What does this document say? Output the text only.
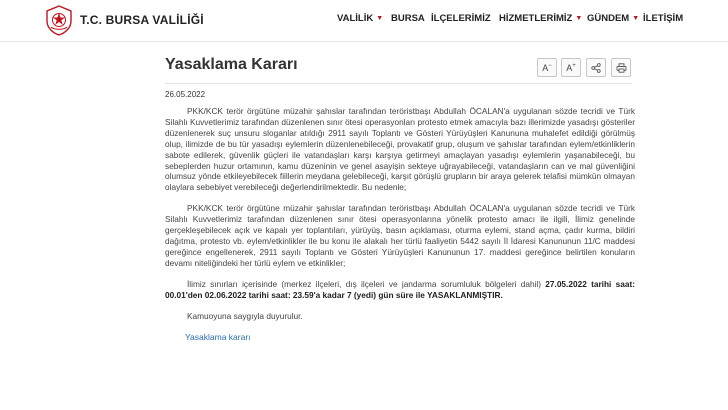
T.C. BURSA VALİLİĞİ	VALİLİK ▼ BURSA İLÇELERİMİZ HİZMETLERİMİZ ▼ GÜNDEM ▼ İLETİŞİM
Yasaklama Kararı	A− A+
26.05.2022

PKK/KCK terör örgütüne müzahir şahıslar tarafından teröristbaşı Abdullah ÖCALAN'a uygulanan sözde tecridi ve Türk Silahlı Kuvvetlerimiz tarafından düzenlenen sınır ötesi operasyonları protesto etmek amacıyla bazı illerimizde yasadışı gösteriler düzenlenerek suç unsuru sloganlar atıldığı 2911 sayılı Toplantı ve Gösteri Yürüyüşleri Kanununa muhalefet edildiği görülmüş olup, ilimizde de bu tür yasadışı eylemlerin düzenlenebileceği, provakatif grup, oluşum ve şahıslar tarafından eylem/etkinliklerin sabote edilerek, güvenlik güçleri ile vatandaşları karşı karşıya getirmeyi amaçlayan yasadışı eylemlerin yaşanabileceği, bu sebeplerden huzur ortamının, kamu düzeninin ve genel asayişin sekteye uğrayabileceği, vatandaşların can ve mal güvenliğini olumsuz yönde etkileyebilecek fiillerin meydana gelebileceği, karşıt görüşlü grupların bir araya gelerek telafisi mümkün olmayan olaylara sebebiyet verebileceği değerlendirilmektedir. Bu nedenle;

PKK/KCK terör örgütüne müzahir şahıslar tarafından teröristbaşı Abdullah ÖCALAN'a uygulanan sözde tecridi ve Türk Silahlı Kuvvetlerimiz tarafından düzenlenen sınır ötesi operasyonlarına yönelik protesto amacı ile ilgili, İlimiz genelinde gerçekleşebilecek açık ve kapalı yer toplantıları, yürüyüş, basın açıklaması, oturma eylemi, stand açma, çadır kurma, bildiri dağıtma, protesto vb. eylem/etkinlikler ile bu konu ile alakalı her türlü faaliyetin 5442 sayılı İl İdaresi Kanununun 11/C maddesi gereğince engellenerek, 2911 sayılı Toplantı ve Gösteri Yürüyüşleri Kanununun 17. maddesi gereğince belirtilen konuların devamı niteliğindeki her türlü eylem ve etkinlikler;

İlimiz sınırları içerisinde (merkez ilçeleri, dış ilçeleri ve jandarma sorumluluk bölgeleri dahil) 27.05.2022 tarihi saat: 00.01'den 02.06.2022 tarihi saat: 23.59'a kadar 7 (yedi) gün süre ile YASAKLANMIŞTIR.

Kamuoyuna saygıyla duyurulur.

Yasaklama kararı
